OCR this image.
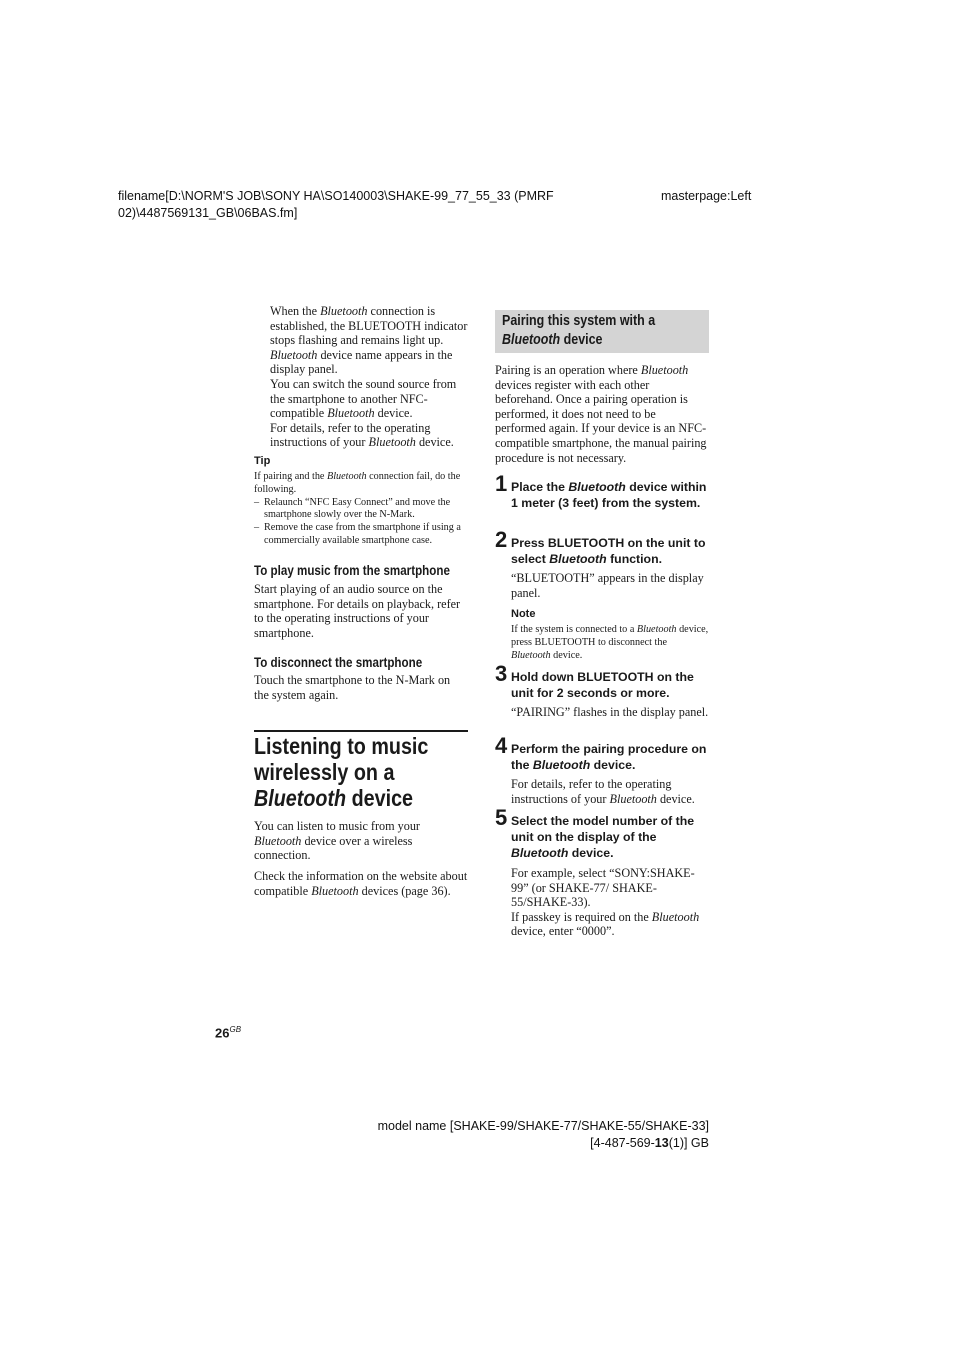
filename[D:\NORM'S JOB\SONY HA\SO140003\SHAKE-99_77_55_33 (PMRF
02)\4487569131_GB\06BAS.fm]
masterpage:Left

When the Bluetooth connection is established, the BLUETOOTH indicator stops flashing and remains light up. Bluetooth device name appears in the display panel.

You can switch the sound source from the smartphone to another NFC-compatible Bluetooth device.

For details, refer to the operating instructions of your Bluetooth device.

Tip

If pairing and the Bluetooth connection fail, do the following.

– Relaunch “NFC Easy Connect” and move the smartphone slowly over the N-Mark.
– Remove the case from the smartphone if using a commercially available smartphone case.
To play music from the smartphone
Start playing of an audio source on the smartphone. For details on playback, refer to the operating instructions of your smartphone.
To disconnect the smartphone
Touch the smartphone to the N-Mark on the system again.
Listening to music
wirelessly on a
Bluetooth device
You can listen to music from your Bluetooth device over a wireless connection.
Check the information on the website about compatible Bluetooth devices (page 36).
Pairing this system with a
Bluetooth device
Pairing is an operation where Bluetooth devices register with each other beforehand. Once a pairing operation is performed, it does not need to be performed again. If your device is an NFC-compatible smartphone, the manual pairing procedure is not necessary.
1 Place the Bluetooth device within 1 meter (3 feet) from the system.
2 Press BLUETOOTH on the unit to select Bluetooth function.
“BLUETOOTH” appears in the display panel.
Note
If the system is connected to a Bluetooth device, press BLUETOOTH to disconnect the Bluetooth device.
3 Hold down BLUETOOTH on the unit for 2 seconds or more.
“PAIRING” flashes in the display panel.
4 Perform the pairing procedure on the Bluetooth device.
For details, refer to the operating instructions of your Bluetooth device.
5 Select the model number of the unit on the display of the Bluetooth device.

For example, select “SONY:SHAKE-99” (or SHAKE-77/ SHAKE-55/SHAKE-33).

If passkey is required on the Bluetooth device, enter “0000”.

$26^{GB}$
model name [SHAKE-99/SHAKE-77/SHAKE-55/SHAKE-33]
[4-487-569-13(1)] GB
